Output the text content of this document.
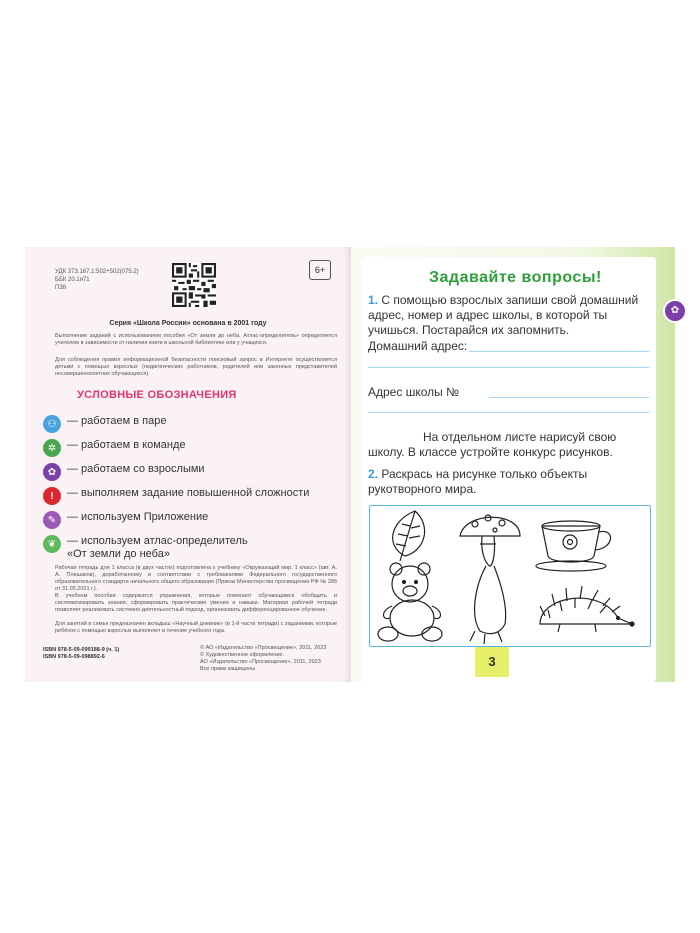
УДК 373.167.1:502+502(075.2)
ББК 20.1я71
П38
6+
Серия «Школа России» основана в 2001 году
Выполнение заданий с использованием пособия «От земли до неба. Атлас-определитель» определяется учителем в зависимости от наличия книги в школьной библиотеке или у учащихся.
Для соблюдения правил информационной безопасности поисковый запрос в Интернете осуществляется детьми с помощью взрослых (педагогических работников, родителей или законных представителей несовершеннолетних обучающихся).
УСЛОВНЫЕ ОБОЗНАЧЕНИЯ
⚇ — работаем в паре
✲ — работаем в команде
✿ — работаем со взрослыми
!	— выполняем задание повышенной сложности
✎ — используем Приложение
❦ — используем атлас-определитель «От земли до неба»
Рабочая тетрадь для 1 класса (в двух частях) подготовлена к учебнику «Окружающий мир. 1 класс» (авт. А. А. Плешаков), доработанному в соответствии с требованиями Федерального государственного образовательного стандарта начального общего образования (Приказ Министерства просвещения РФ № 286 от 31.05.2021 г.).
В учебном пособии содержатся упражнения, которые помогают обучающимся обобщить и систематизировать знания, сформировать практические умения и навыки. Материал рабочей тетради позволяет реализовать системно-деятельностный подход, организовать дифференцированное обучение.
Для занятий в семье предназначен вкладыш «Научный дневник» (в 1-й части тетради) с заданиями, которые ребёнок с помощью взрослых выполняет в течение учебного года.
ISBN 978-5-09-099188-9 (ч. 1)
ISBN 978-5-09-098892-6
© АО «Издательство «Просвещение», 2011, 2023
© Художественное оформление.
АО «Издательство «Просвещение», 2011, 2023
Все права защищены
Задавайте вопросы!
1. С помощью взрослых запиши свой домашний адрес, номер и адрес школы, в которой ты учишься. Постарайся их запомнить.
Домашний адрес:
Адрес школы №
На отдельном листе нарисуй свою школу. В классе устройте конкурс рисунков.
2. Раскрась на рисунке только объекты рукотворного мира.
3
✿
